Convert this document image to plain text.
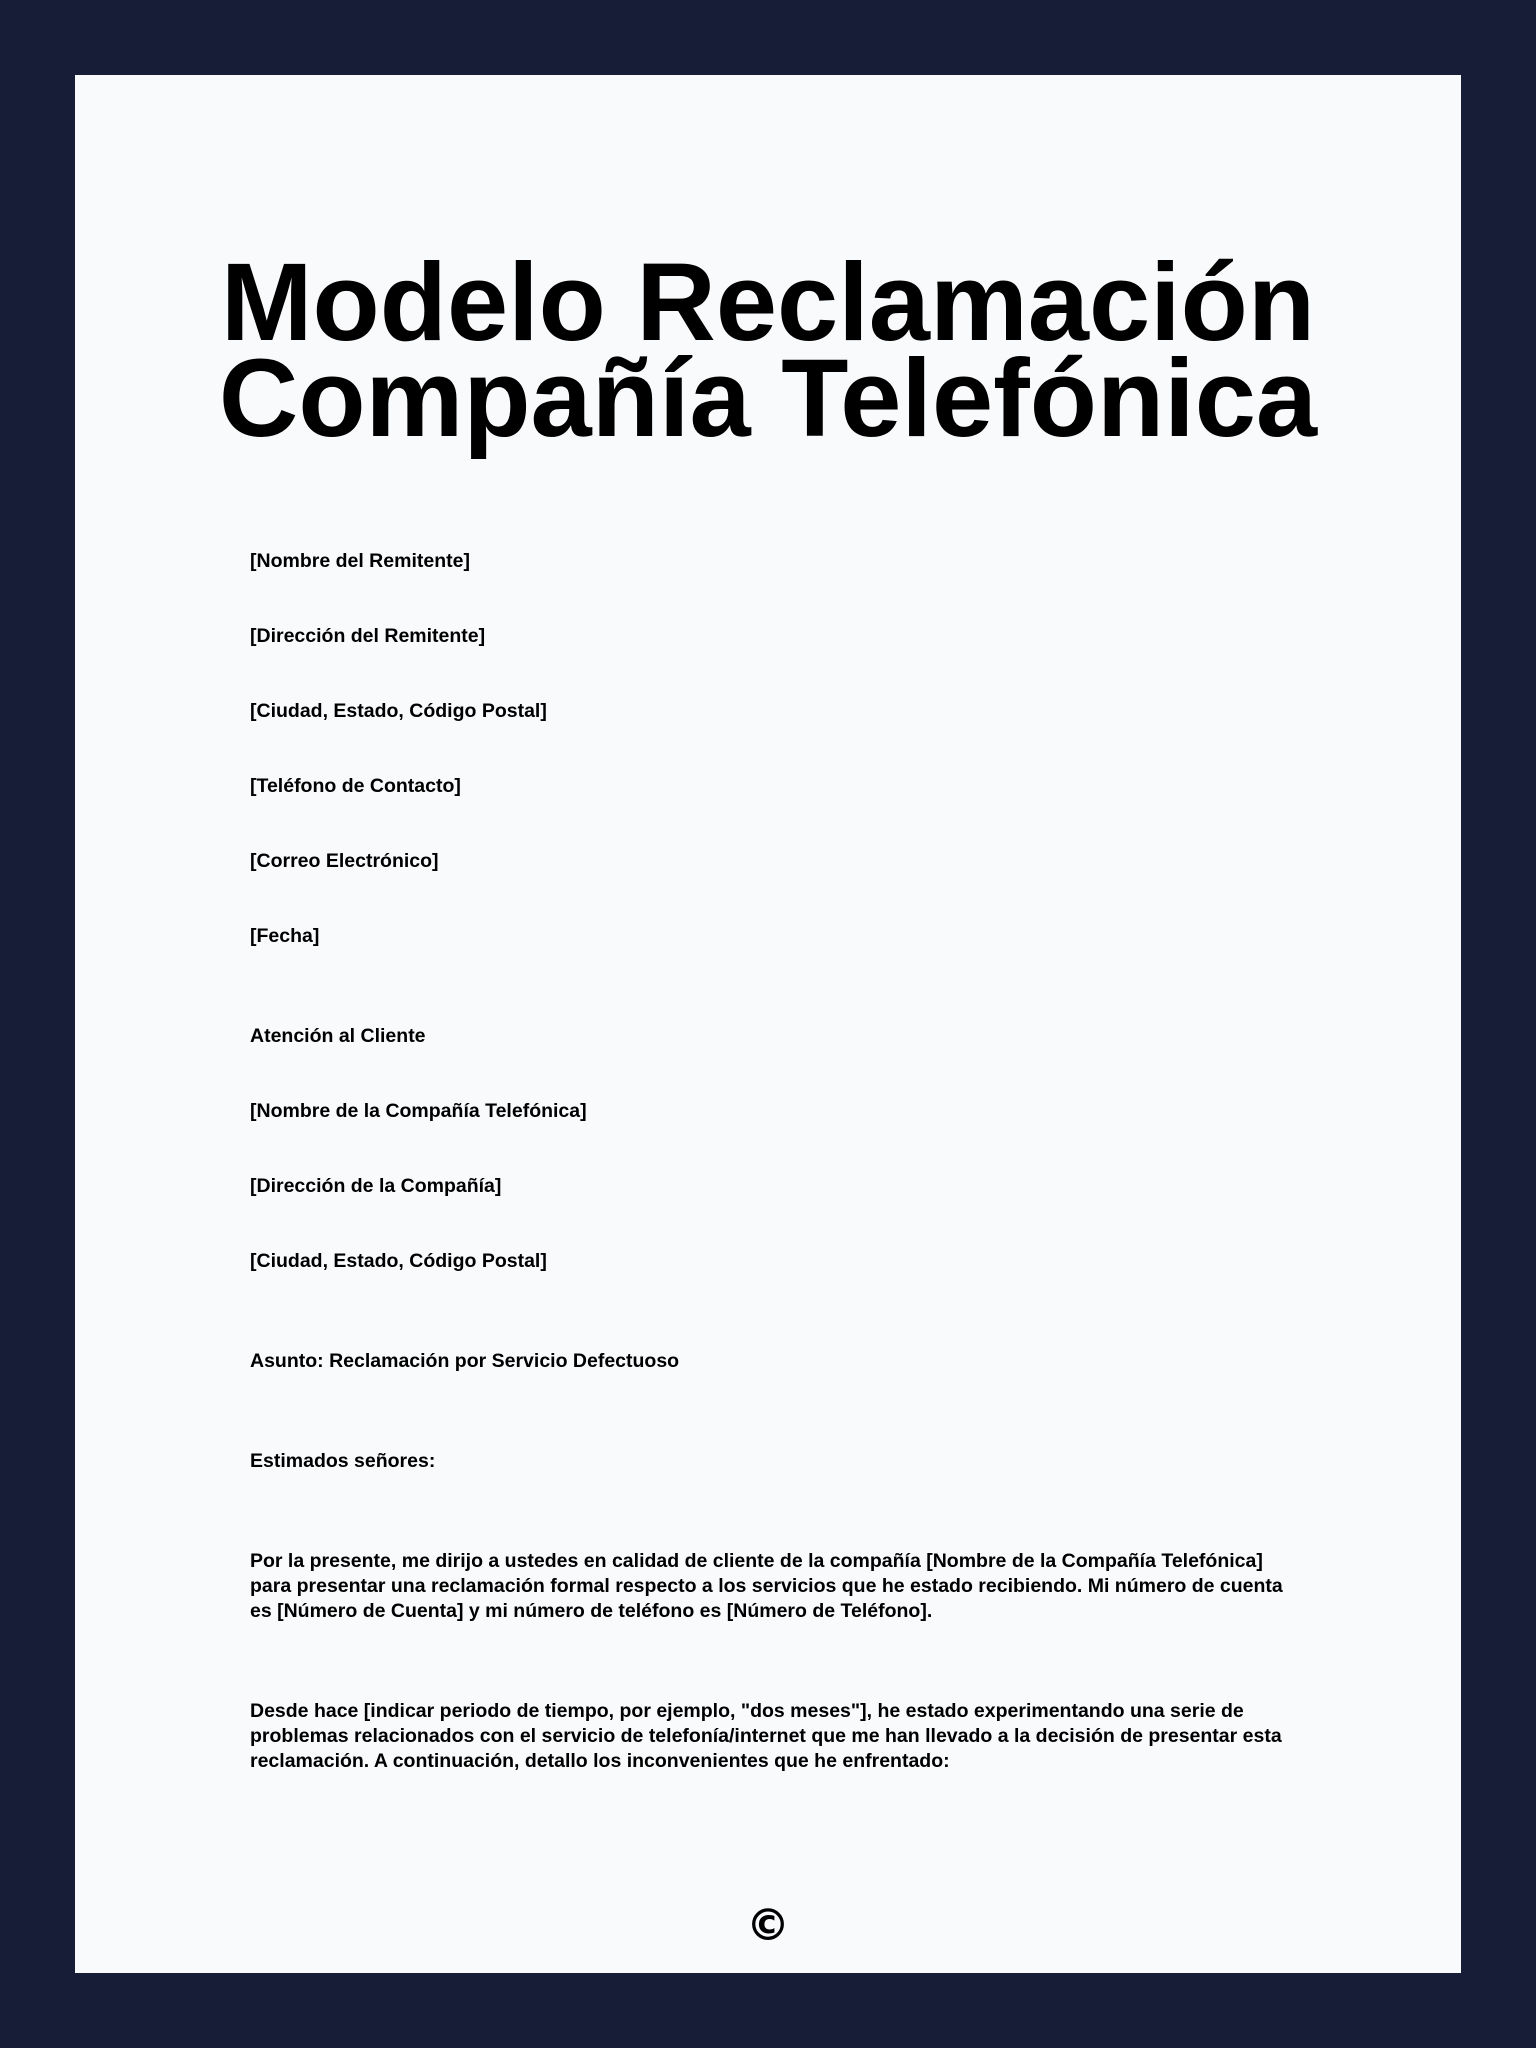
Modelo Reclamación
Compañía Telefónica

[Nombre del Remitente]

[Dirección del Remitente]

[Ciudad, Estado, Código Postal]

[Teléfono de Contacto]

[Correo Electrónico]

[Fecha]

Atención al Cliente

[Nombre de la Compañía Telefónica]

[Dirección de la Compañía]

[Ciudad, Estado, Código Postal]

Asunto: Reclamación por Servicio Defectuoso

Estimados señores:

Por la presente, me dirijo a ustedes en calidad de cliente de la compañía [Nombre de la Compañía Telefónica] para presentar una reclamación formal respecto a los servicios que he estado recibiendo. Mi número de cuenta es [Número de Cuenta] y mi número de teléfono es [Número de Teléfono].

Desde hace [indicar periodo de tiempo, por ejemplo, "dos meses"], he estado experimentando una serie de problemas relacionados con el servicio de telefonía/internet que me han llevado a la decisión de presentar esta reclamación. A continuación, detallo los inconvenientes que he enfrentado:

©
